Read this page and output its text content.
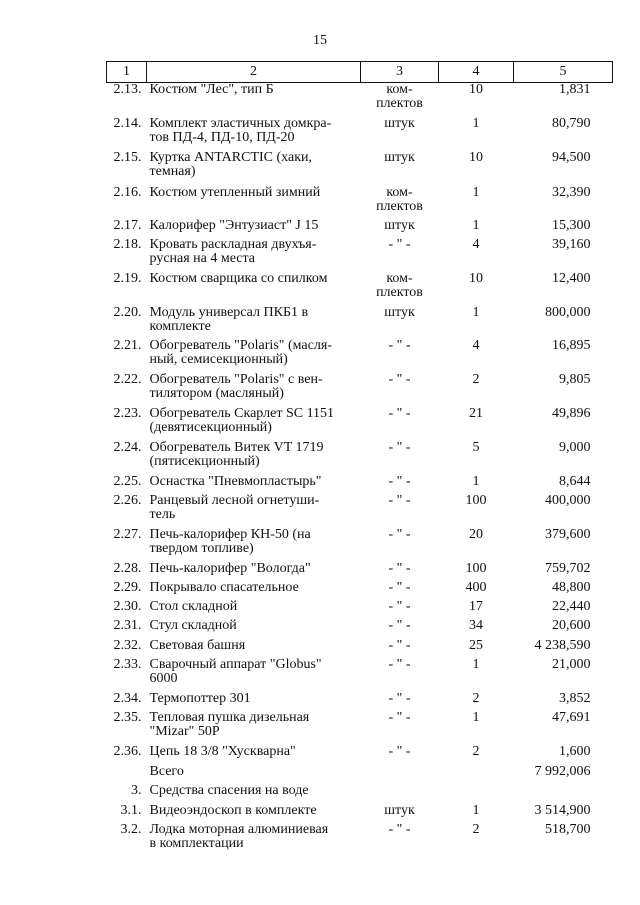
15
1	2	3	4	5
2.13.	Костюм "Лес", тип Б	ком-
плектов	10	1,831
2.14.	Комплект эластичных домкра-
тов ПД-4, ПД-10, ПД-20	штук	1	80,790
2.15.	Куртка ANTARCTIC (хаки,
темная)	штук	10	94,500
2.16.	Костюм утепленный зимний	ком-
плектов	1	32,390
2.17.	Калорифер "Энтузиаст" J 15	штук	1	15,300
2.18.	Кровать раскладная двухъя-
русная на 4 места	- " -	4	39,160
2.19.	Костюм сварщика со спилком	ком-
плектов	10	12,400
2.20.	Модуль универсал ПКБ1 в
комплекте	штук	1	800,000
2.21.	Обогреватель "Polaris" (масля-
ный, семисекционный)	- " -	4	16,895
2.22.	Обогреватель "Polaris" с вен-
тилятором (масляный)	- " -	2	9,805
2.23.	Обогреватель Скарлет SC 1151
(девятисекционный)	- " -	21	49,896
2.24.	Обогреватель Витек VT 1719
(пятисекционный)	- " -	5	9,000
2.25.	Оснастка "Пневмопластырь"	- " -	1	8,644
2.26.	Ранцевый лесной огнетуши-
тель	- " -	100	400,000
2.27.	Печь-калорифер КН-50 (на
твердом топливе)	- " -	20	379,600
2.28.	Печь-калорифер "Вологда"	- " -	100	759,702
2.29.	Покрывало спасательное	- " -	400	48,800
2.30.	Стол складной	- " -	17	22,440
2.31.	Стул складной	- " -	34	20,600
2.32.	Световая башня	- " -	25	4 238,590
2.33.	Сварочный аппарат "Globus"
6000	- " -	1	21,000
2.34.	Термопоттер 301	- " -	2	3,852
2.35.	Тепловая пушка дизельная
"Mizar" 50P	- " -	1	47,691
2.36.	Цепь 18 3/8 "Хускварна"	- " -	2	1,600
	Всего			7 992,006
3.	Средства спасения на воде			
3.1.	Видеоэндоскоп в комплекте	штук	1	3 514,900
3.2.	Лодка моторная алюминиевая
в комплектации	- " -	2	518,700
